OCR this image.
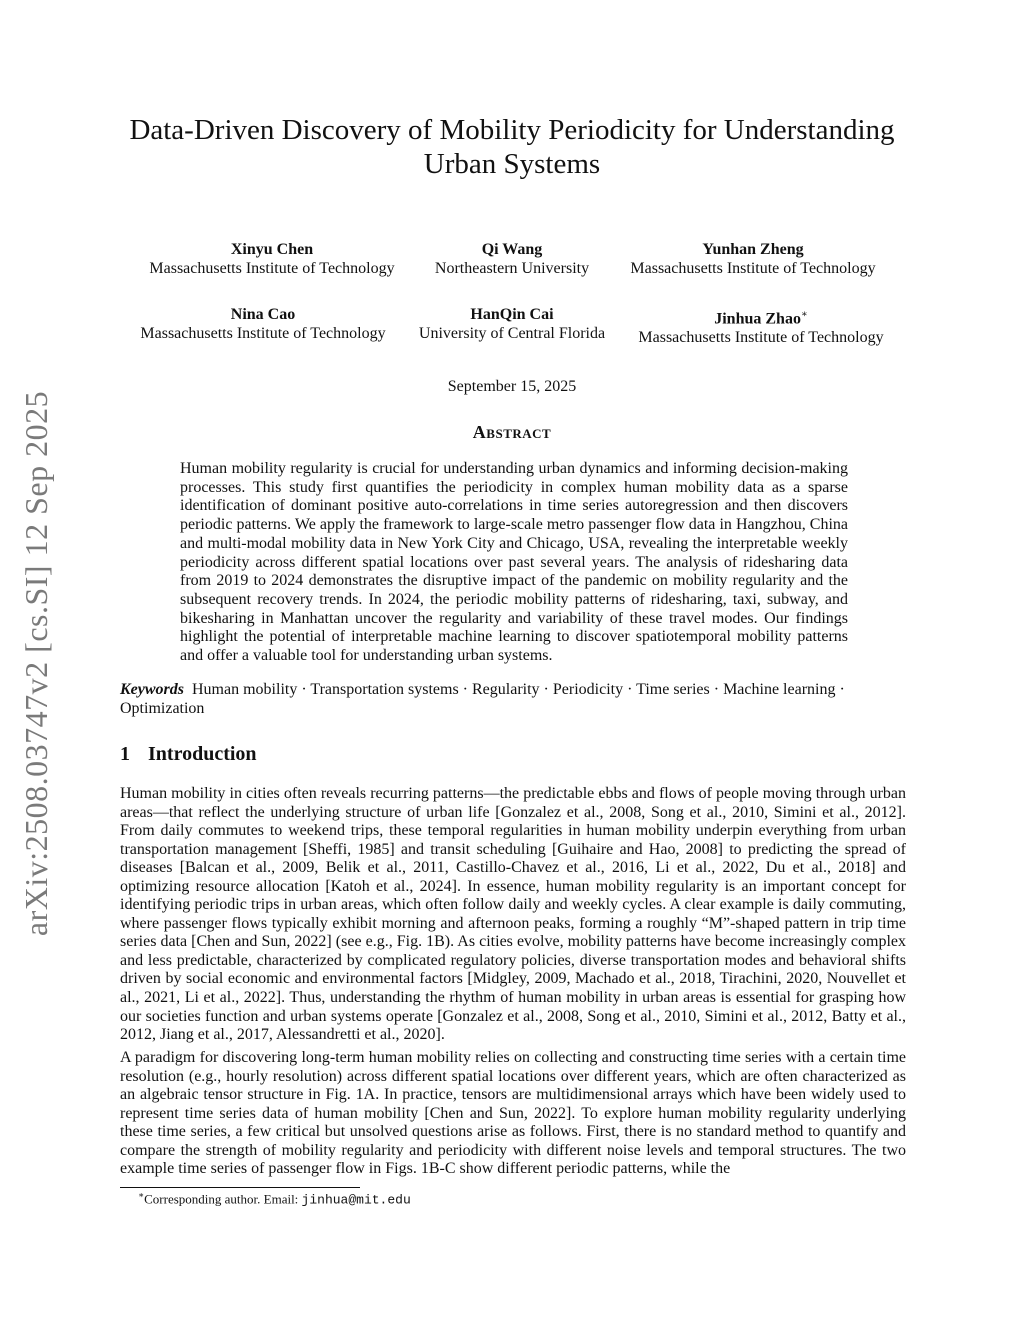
arXiv:2508.03747v2 [cs.SI] 12 Sep 2025
Data-Driven Discovery of Mobility Periodicity for Understanding Urban Systems
Xinyu Chen
Massachusetts Institute of Technology
Qi Wang
Northeastern University
Yunhan Zheng
Massachusetts Institute of Technology
Nina Cao
Massachusetts Institute of Technology
HanQin Cai
University of Central Florida
Jinhua Zhao∗
Massachusetts Institute of Technology
September 15, 2025
Abstract

Human mobility regularity is crucial for understanding urban dynamics and informing decision-making processes. This study first quantifies the periodicity in complex human mobility data as a sparse identification of dominant positive auto-correlations in time series autoregression and then discovers periodic patterns. We apply the framework to large-scale metro passenger flow data in Hangzhou, China and multi-modal mobility data in New York City and Chicago, USA, revealing the interpretable weekly periodicity across different spatial locations over past several years. The analysis of ridesharing data from 2019 to 2024 demonstrates the disruptive impact of the pandemic on mobility regularity and the subsequent recovery trends. In 2024, the periodic mobility patterns of ridesharing, taxi, subway, and bikesharing in Manhattan uncover the regularity and variability of these travel modes. Our findings highlight the potential of interpretable machine learning to discover spatiotemporal mobility patterns and offer a valuable tool for understanding urban systems.

Keywords Human mobility · Transportation systems · Regularity · Periodicity · Time series · Machine learning · Optimization

1 Introduction

Human mobility in cities often reveals recurring patterns—the predictable ebbs and flows of people moving through urban areas—that reflect the underlying structure of urban life [Gonzalez et al., 2008, Song et al., 2010, Simini et al., 2012]. From daily commutes to weekend trips, these temporal regularities in human mobility underpin everything from urban transportation management [Sheffi, 1985] and transit scheduling [Guihaire and Hao, 2008] to predicting the spread of diseases [Balcan et al., 2009, Belik et al., 2011, Castillo-Chavez et al., 2016, Li et al., 2022, Du et al., 2018] and optimizing resource allocation [Katoh et al., 2024]. In essence, human mobility regularity is an important concept for identifying periodic trips in urban areas, which often follow daily and weekly cycles. A clear example is daily commuting, where passenger flows typically exhibit morning and afternoon peaks, forming a roughly “M”-shaped pattern in trip time series data [Chen and Sun, 2022] (see e.g., Fig. 1B). As cities evolve, mobility patterns have become increasingly complex and less predictable, characterized by complicated regulatory policies, diverse transportation modes and behavioral shifts driven by social economic and environmental factors [Midgley, 2009, Machado et al., 2018, Tirachini, 2020, Nouvellet et al., 2021, Li et al., 2022]. Thus, understanding the rhythm of human mobility in urban areas is essential for grasping how our societies function and urban systems operate [Gonzalez et al., 2008, Song et al., 2010, Simini et al., 2012, Batty et al., 2012, Jiang et al., 2017, Alessandretti et al., 2020].

A paradigm for discovering long-term human mobility relies on collecting and constructing time series with a certain time resolution (e.g., hourly resolution) across different spatial locations over different years, which are often characterized as an algebraic tensor structure in Fig. 1A. In practice, tensors are multidimensional arrays which have been widely used to represent time series data of human mobility [Chen and Sun, 2022]. To explore human mobility regularity underlying these time series, a few critical but unsolved questions arise as follows. First, there is no standard method to quantify and compare the strength of mobility regularity and periodicity with different noise levels and temporal structures. The two example time series of passenger flow in Figs. 1B-C show different periodic patterns, while the

∗Corresponding author. Email: jinhua@mit.edu
